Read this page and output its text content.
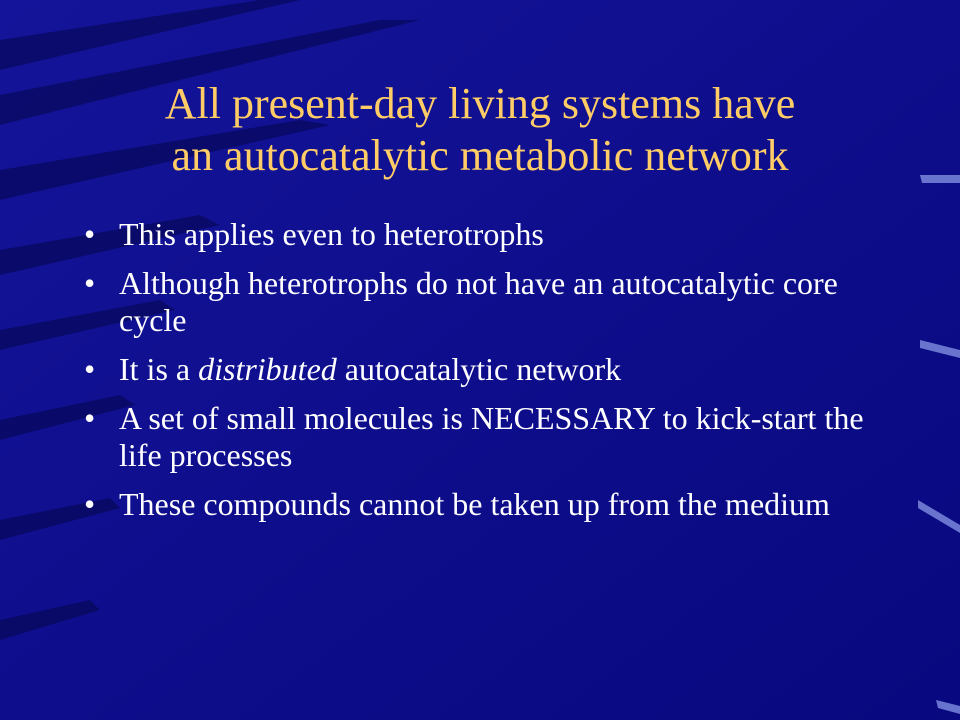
All present-day living systems have
an autocatalytic metabolic network
• This applies even to heterotrophs
• Although heterotrophs do not have an autocatalytic core cycle
• It is a distributed autocatalytic network
• A set of small molecules is NECESSARY to kick-start the life processes
• These compounds cannot be taken up from the medium
